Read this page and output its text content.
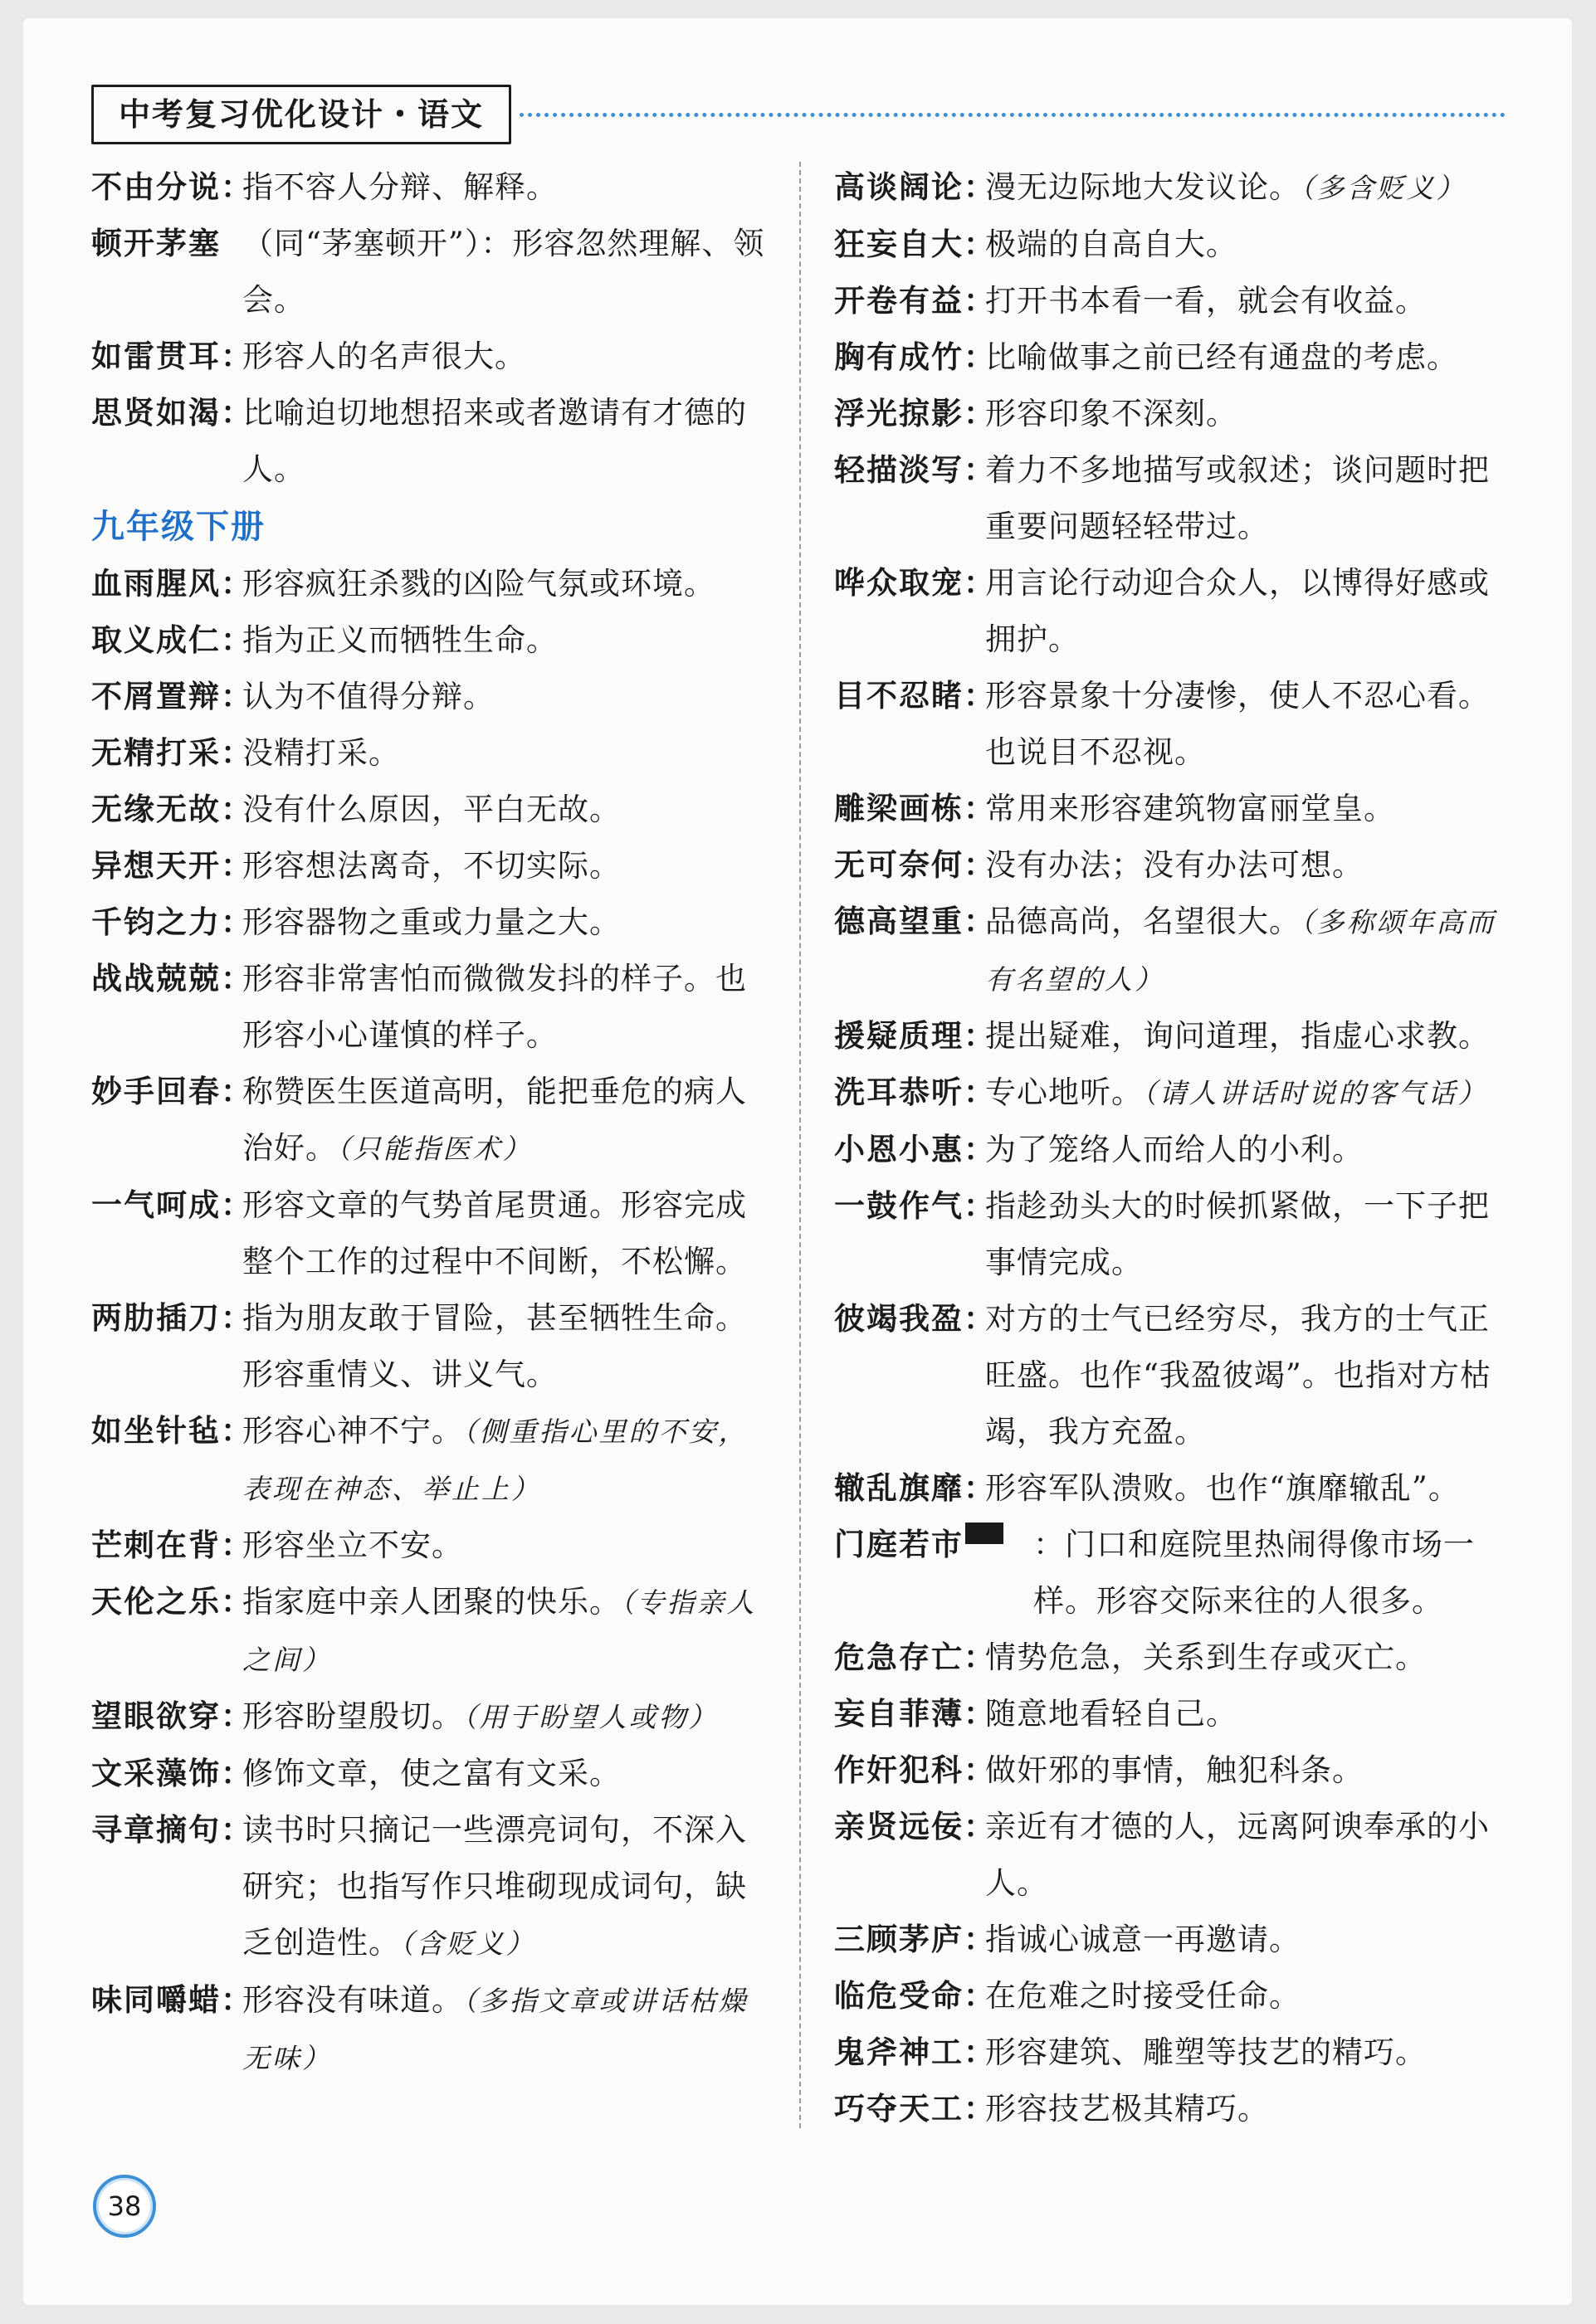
中考复习优化设计・语文
不由分说：
指不容人分辩、解释。
顿开茅塞 （同“茅塞顿开”）：形容忽然理解、领会。
如雷贯耳：
形容人的名声很大。
思贤如渴：
比喻迫切地想招来或者邀请有才德的人。
九年级下册
血雨腥风：
形容疯狂杀戮的凶险气氛或环境。
取义成仁：
指为正义而牺牲生命。
不屑置辩：
认为不值得分辩。
无精打采：
没精打采。
无缘无故：
没有什么原因，平白无故。
异想天开：
形容想法离奇，不切实际。
千钧之力：
形容器物之重或力量之大。
战战兢兢：
形容非常害怕而微微发抖的样子。也形容小心谨慎的样子。
妙手回春：
称赞医生医道高明，能把垂危的病人治好。（只能指医术）
一气呵成：
形容文章的气势首尾贯通。形容完成整个工作的过程中不间断，不松懈。
两肋插刀：
指为朋友敢于冒险，甚至牺牲生命。形容重情义、讲义气。
如坐针毡：
形容心神不宁。（侧重指心里的不安，表现在神态、举止上）
芒刺在背：
形容坐立不安。
天伦之乐：
指家庭中亲人团聚的快乐。（专指亲人之间）
望眼欲穿：
形容盼望殷切。（用于盼望人或物）
文采藻饰：
修饰文章，使之富有文采。
寻章摘句：
读书时只摘记一些漂亮词句，不深入研究；也指写作只堆砌现成词句，缺乏创造性。（含贬义）
味同嚼蜡：
形容没有味道。（多指文章或讲话枯燥无味）
高谈阔论：
漫无边际地大发议论。（多含贬义）
狂妄自大：
极端的自高自大。
开卷有益：
打开书本看一看，就会有收益。
胸有成竹：
比喻做事之前已经有通盘的考虑。
浮光掠影：
形容印象不深刻。
轻描淡写：
着力不多地描写或叙述；谈问题时把重要问题轻轻带过。
哗众取宠：
用言论行动迎合众人，以博得好感或拥护。
目不忍睹：
形容景象十分凄惨，使人不忍心看。也说目不忍视。
雕梁画栋：
常用来形容建筑物富丽堂皇。
无可奈何：
没有办法；没有办法可想。
德高望重：
品德高尚，名望很大。（多称颂年高而有名望的人）
援疑质理：
提出疑难，询问道理，指虚心求教。
洗耳恭听：
专心地听。（请人讲话时说的客气话）
小恩小惠：
为了笼络人而给人的小利。
一鼓作气：
指趁劲头大的时候抓紧做，一下子把事情完成。
彼竭我盈：
对方的士气已经穷尽，我方的士气正旺盛。也作“我盈彼竭”。也指对方枯竭，我方充盈。
辙乱旗靡：
形容军队溃败。也作“旗靡辙乱”。
门庭若市	：门口和庭院里热闹得像市场一样。形容交际来往的人很多。
危急存亡：
情势危急，关系到生存或灭亡。
妄自菲薄：
随意地看轻自己。
作奸犯科：
做奸邪的事情，触犯科条。
亲贤远佞：
亲近有才德的人，远离阿谀奉承的小人。
三顾茅庐：
指诚心诚意一再邀请。
临危受命：
在危难之时接受任命。
鬼斧神工：
形容建筑、雕塑等技艺的精巧。
巧夺天工：
形容技艺极其精巧。
38
